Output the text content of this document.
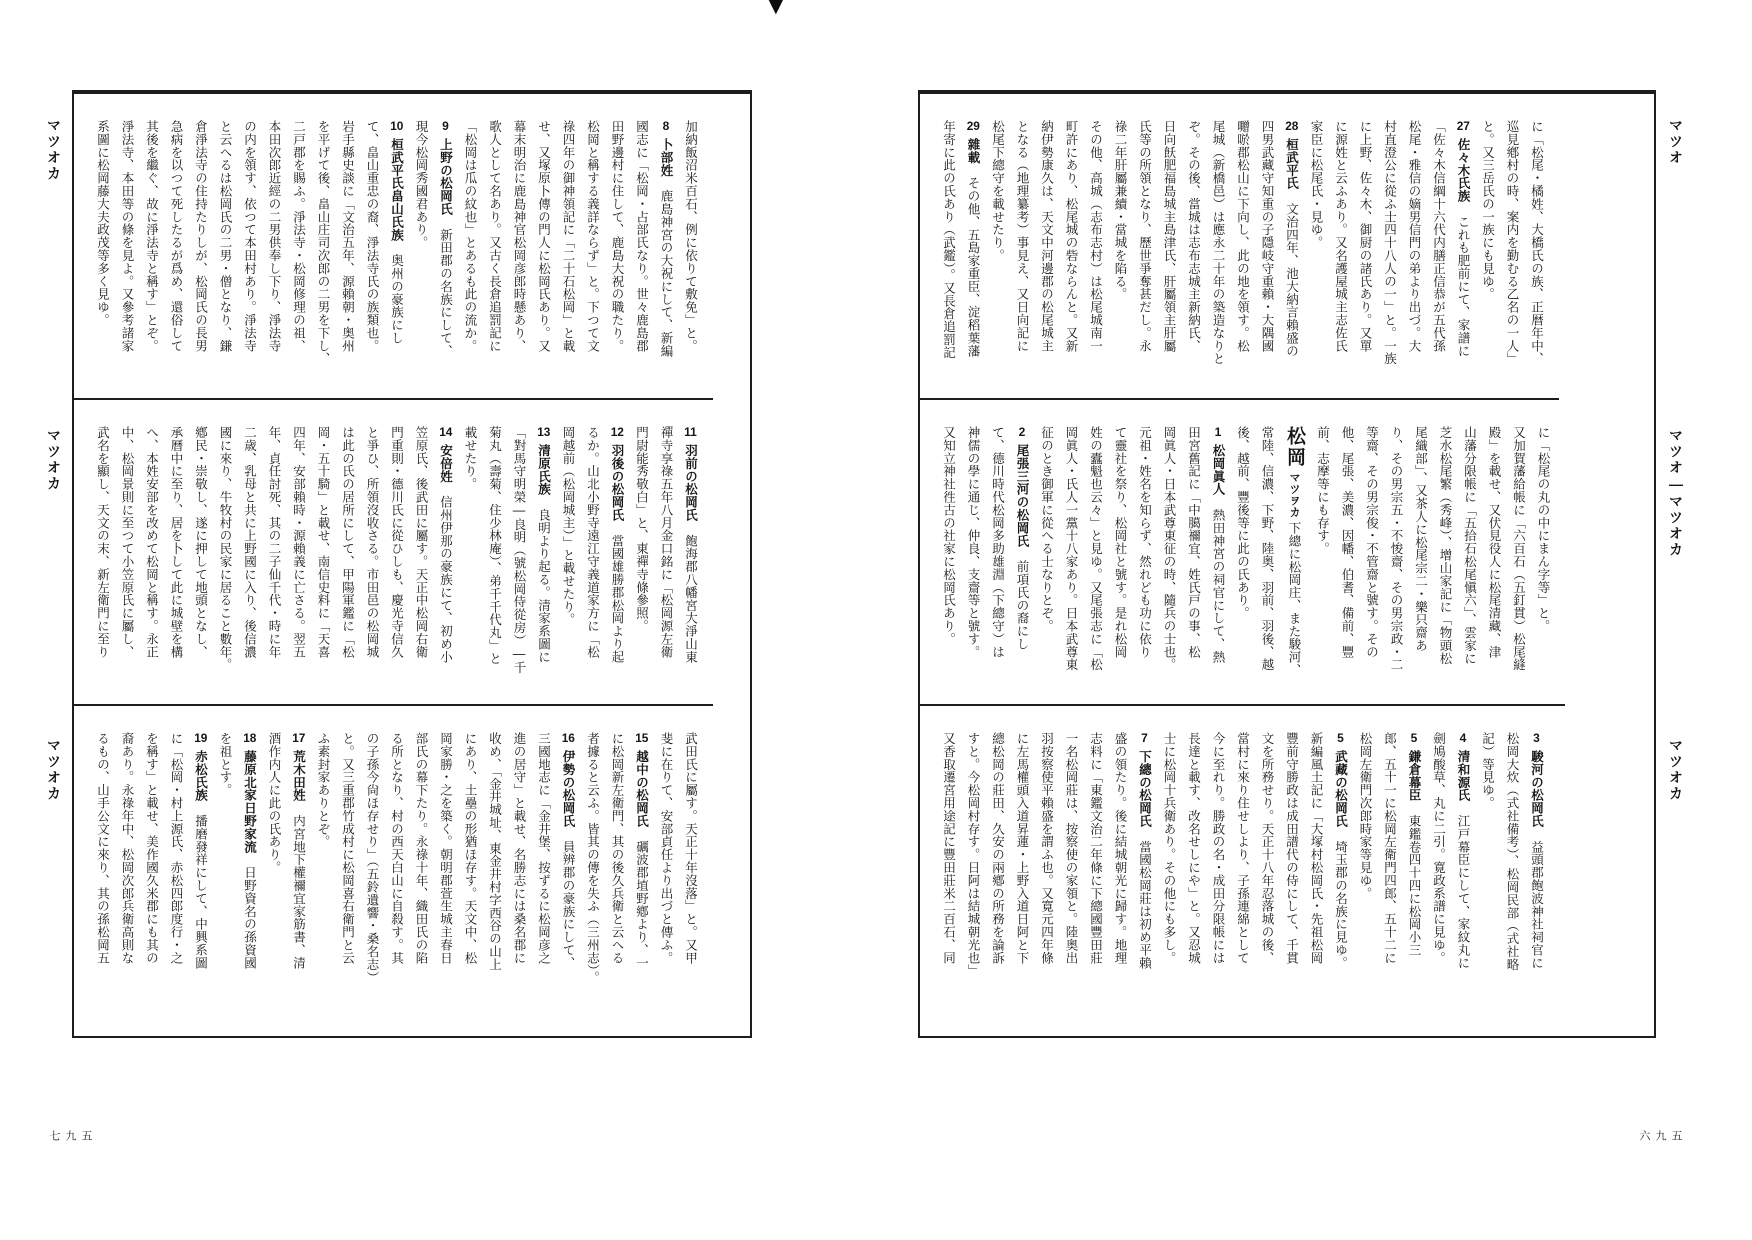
▼
マツオ
マツオ―マツオカ
マツオカ
五九六
に「松尾・橘姓、大橋氏の族、正暦年中、
巡見鄕村の時、案内を勤むる乙名の一人」
と。又三岳氏の一族にも見ゆ。
27佐々木氏族　これも肥前にて、家譜に
「佐々木信綱十六代内膳正信恭が五代孫
松尾・雅信の嫡男信門の弟より出づ。大
村直澄公に從ふ士四十八人の一」と。一族
に上野、佐々木、御厨の諸氏あり。又單
に源姓と云ふあり。又名護屋城主志佐氏
家臣に松尾氏・見ゆ。
28桓武平氏　文治四年、池大納言賴盛の
四男武藏守知重の子隱岐守重賴・大隅國
囎唹郡松山に下向し、此の地を領す。松
尾城（新橋邑）は應永二十年の築造なりと
ぞ。その後、當城は志布志城主新納氏、
日向飫肥福島城主島津氏、肝屬領主肝屬
氏等の所領となり、歷世爭奪甚だし。永
祿二年肝屬兼續・當城を陷る。
その他、高城（志布志村）は松尾城南一
町許にあり、松尾城の砦ならんと。又新
納伊勢康久は、天文中河邊郡の松尾城主
となる（地理纂考）事見え、又日向記に
松尾下總守を載せたり。
29雜載　その他、五島家重臣、淀稻葉藩
年寄に此の氏あり（武鑑）。又長倉追罰記
に「松尾の丸の中にまん字等」と。
又加賀藩給帳に「六百石（五釘貫）松尾縫
殿」を載せ、又伏見役人に松尾清藏、津
山藩分限帳に「五拾石松尾愼六」、雲家に
芝水松尾繁（秀峰）、增山家記に「物頭松
尾織部」、又茶人に松尾宗二・樂只齋あ
り、その男宗五・不悛齋、その男宗政・二
等齋、その男宗俊・不管齋と號す。その
他、尾張、美濃、因幡、伯耆、備前、豐
前、志摩等にも存す。
松岡マツヲカ下總に松岡庄、また駿河、
常陸、信濃、下野、陸奥、羽前、羽後、越
後、越前、豐後等に此の氏あり。
1松岡眞人　熱田神宮の祠官にして、熱
田宮舊記に「中臈禰宜、姓氏戸の事、松
岡眞人・日本武尊東征の時、隨兵の士也。
元祖・姓名を知らず、然れども功に依り
て靈社を祭り、松岡社と號す。是れ松岡
姓の蠹魁也云々」と見ゆ。又尾張志に「松
岡眞人・氏人一黨十八家あり。日本武尊東
征のとき御軍に從へる士なりとぞ。
2尾張三河の松岡氏　前項氏の裔にし
て、德川時代松岡多助雄淵（下總守）は
神儒の學に通じ、仲良、支齋等と號す。
又知立神社徃古の社家に松岡氏あり。
3駿河の松岡氏　益頭郡飽波神社祠官に
松岡大炊（式社備考）、松岡民部（式社略
記）等見ゆ。
4清和源氏　江戸幕臣にして、家紋丸に
劍鳩酸草、丸に二引。寛政系譜に見ゆ。
5鎌倉幕臣　東鑑卷四十四に松岡小三
郎、五十一に松岡左衛門四郎、五十二に
松岡左衛門次郎時家等見ゆ。
5武藏の松岡氏　埼玉郡の名族に見ゆ。
新編風土記に「大塚村松岡氏・先祖松岡
豐前守勝政は成田譜代の侍にして、千貫
文を所務せり。天正十八年忍落城の後、
當村に來り住せしより、子孫連綿として
今に至れり。勝政の名・成田分限帳には
長達と載す、改名せしにや」と。又忍城
士に松岡十兵衛あり。その他にも多し。
7下總の松岡氏　當國松岡莊は初め平賴
盛の領たり。後に結城朝光に歸す。地理
志料に「東鑑文治二年條に下總國豐田莊
一名松岡莊は、按察使の家領と。陸奥出
羽按察使平賴盛を謂ふ也。又寛元四年條
に左馬權頭入道昇蓮・上野入道日阿と下
總松岡の莊田、久安の兩鄕の所務を論訴
すと。今松岡村存す。日阿は結城朝光也」
又香取遷宮用途記に豐田莊米二百石、同
マツオカ
マツオカ
マツオカ
五九七
加納飯沼米百石、例に依りて敷免」と。
8卜部姓　鹿島神宮の大祝にして、新編
國志に「松岡・占部氏なり。世々鹿島郡
田野邊村に住して、鹿島大祝の職たり。
松岡と稱する義詳ならず」と。下つて文
祿四年の御神領記に「二十石松岡」と載
せ、又塚原卜傳の門人に松岡氏あり。又
幕末明治に鹿島神官松岡彦郎時懸あり、
歌人として名あり。又古く長倉追罰記に
「松岡は瓜の紋也」とあるも此の流か。
9上野の松岡氏　新田郡の名族にして、
現今松岡秀國君あり。
10桓武平氏畠山氏族　奥州の豪族にし
て、畠山重忠の裔、淨法寺氏の族類也。
岩手縣史談に「文治五年、源賴朝・奥州
を平げて後、畠山庄司次郎の二男を下し、
二戸郡を賜ふ。淨法寺・松岡修理の祖、
本田次郎近經の二男供奉し下り、淨法寺
の内を領す、依つて本田村あり。淨法寺
と云へるは松岡氏の二男・僧となり、鎌
倉淨法寺の住持たりしが、松岡氏の長男
急病を以つて死したるが爲め、還俗して
其後を繼ぐ、故に淨法寺と稱す」とぞ。
淨法寺、本田等の條を見よ。又參考諸家
系圖に松岡藤大夫政茂等多く見ゆ。
11羽前の松岡氏　飽海郡八幡宮大淨山東
禪寺享祿五年八月金口銘に「松岡源左衛
門尉能秀敬白」と、東禪寺條參照。
12羽後の松岡氏　當國雄勝郡松岡より起
るか。山北小野寺遠江守義道家方に「松
岡越前（松岡城主）」と載せたり。
13清原氏族　良明より起る。清家系圖に
「對馬守明榮―良明（號松岡侍從房）―千
菊丸（壽菊、住少林庵）、弟千千代丸」と
載せたり。
14安倍姓　信州伊那の豪族にて、初め小
笠原氏、後武田に屬す。天正中松岡右衛
門重則・德川氏に從ひしも、慶光寺信久
と爭ひ、所領沒收さる。市田邑の松岡城
は此の氏の居所にして、甲陽軍鑑に「松
岡・五十騎」と載せ、南信史料に「天喜
四年、安部賴時・源賴義に亡さる。翌五
年、貞任討死、其の二子仙千代・時に年
二歳、乳母と共に上野國に入り、後信濃
國に來り、牛牧村の民家に居ること數年。
鄕民・崇敬し、遂に押して地頭となし、
承曆中に至り、居を卜して此に城壁を構
へ、本姓安部を改めて松岡と稱す。永正
中、松岡景則に至つて小笠原氏に屬し、
武名を顯し、天文の末、新左衛門に至り
武田氏に屬す。天正十年沒落」と。又甲
斐に在りて、安部貞任より出づと傳ふ。
15越中の松岡氏　礪波郡埴野鄕より、一
に松岡新左衛門、其の後久兵衛と云へる
者據ると云ふ。皆其の傳を失ふ（三州志）。
16伊勢の松岡氏　員辨郡の豪族にして、
三國地志に「金井堡、按ずるに松岡彦之
進の居守」と載せ、名勝志には桑名郡に
收め、「金井城址、東金井村字西谷の山上
にあり、土壘の形猶ほ存す。天文中、松
岡家勝・之を築く。朝明郡萱生城主春日
部氏の幕下たり。永祿十年、織田氏の陷
る所となり、村の西天白山に自殺す。其
の子孫今尙ほ存せり」（五鈴遺響・桑名志）
と。又三重郡竹成村に松岡喜右衛門と云
ふ素封家ありとぞ。
17荒木田姓　内宮地下權禰宜家筋書、清
酒作内人に此の氏あり。
18藤原北家日野家流　日野資名の孫資國
を祖とす。
19赤松氏族　播磨發祥にして、中興系圖
に「松岡・村上源氏、赤松四郎度行・之
を稱す」と載せ、美作國久米郡にも其の
裔あり。永祿年中、松岡次郎兵衛高則な
るもの、山手公文に來り、其の孫松岡五
